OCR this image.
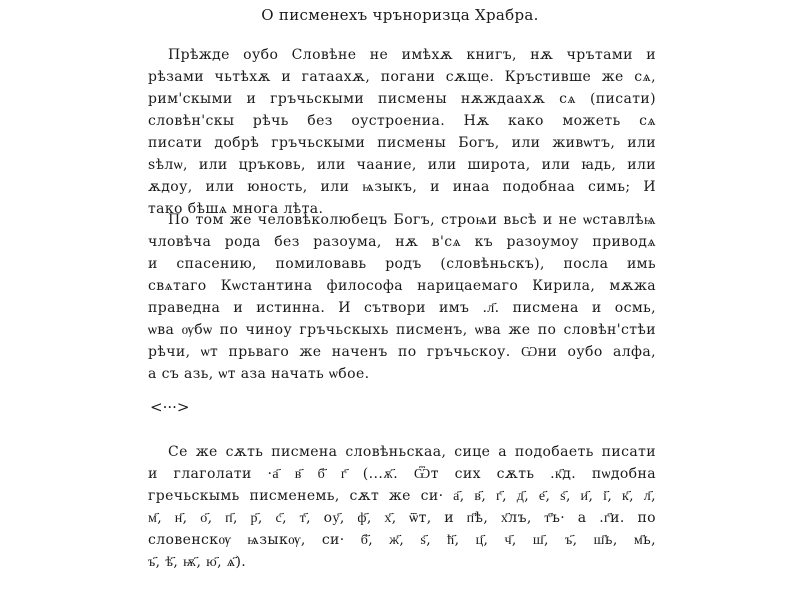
О писменехъ чрънoризца Храбра.
Прѣжде оубо Словѣне не имѣхѫ книгъ, нѫ чрътами и
рѣзами чьтѣхѫ и гатаахѫ, погани сѫще. Кръстивше же сѧ,
рим'скыми и гръчьскыми писмены нѫждаахѫ сѧ (писати)
словѣн'скы рѣчь без оустроениа. Нѫ како можеть сѧ
писати добрѣ гръчьскыми писмены Богъ, или живѡтъ, или
ѕѣлѡ, или цръковь, или чаание, или широта, или ꙗдь, или
ѫдоу, или юность, или ѩзыкъ, и инаа подобнаа симь; И
тако бѣшѧ многа лѣта.
По том же человѣколюбецъ Богъ, строѩи вьсѣ и не ѡставлѣѩ
чловѣча рода без разоума, нѫ в'сѧ къ разоумоу приводѧ
и спасению, помиловавь родъ (словѣньскъ), посла имь
свѧтаго Кѡстантина философа нарицаемаго Кирила, мѫжа
праведна и истинна. И сътвори имъ .л҃. писмена и осмь,
ѡва ѹбѡ по чиноу гръчьскыхь писменъ, ѡва же по словѣн'стѣи
рѣчи, ѡт прьваго же наченъ по гръчьскоу. Ѡни оубо алфа,
а съ азь, ѡт аза начать ѡбое.
<···>
Се же сѫть писмена словѣньскаа, сице а подобаеть писати
и глаголати ·а҃ в҃ б҃ г҃ (...ѫ҃. Ѿт сих сѫть .к҃д. пѡдобна
гречьскымь писменемь, сѫт же си· а҃, в҃, г҃, д҃, е҃, ѕ҃, и҃, і҃, к҃, л҃,
м҃, н҃, о҃, п҃, р҃, с҃, т҃, оу҃, ф҃, х҃, ѿт, и п҃ѣ, х҃лъ, т҃ъ· а .г҃и. по
словенскѹ ѩзыкѹ, си· б҃, ж҃, ѕ҃, ћ҃, ц҃, ч҃, ш҃, ъ҃, ш҃ь, м҃ь,
ъ҃, ѣ҃, ѭ҃, ю҃, ѧ҃).
